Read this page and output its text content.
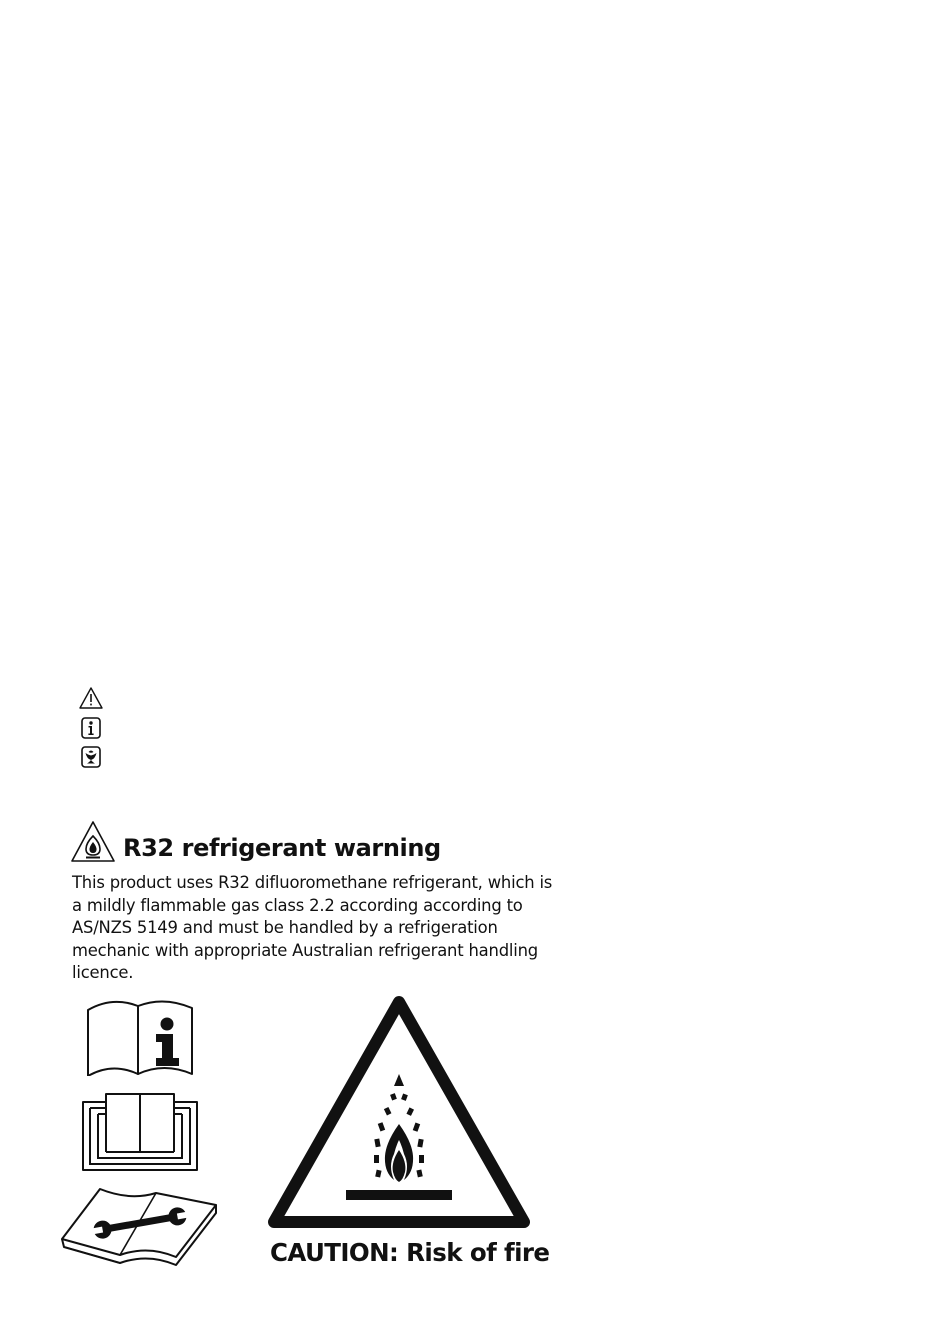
R32 refrigerant warning
This product uses R32 difluoromethane refrigerant, which is
a mildly flammable gas class 2.2 according according to
AS/NZS 5149 and must be handled by a refrigeration
mechanic with appropriate Australian refrigerant handling
licence.
CAUTION: Risk of fire
